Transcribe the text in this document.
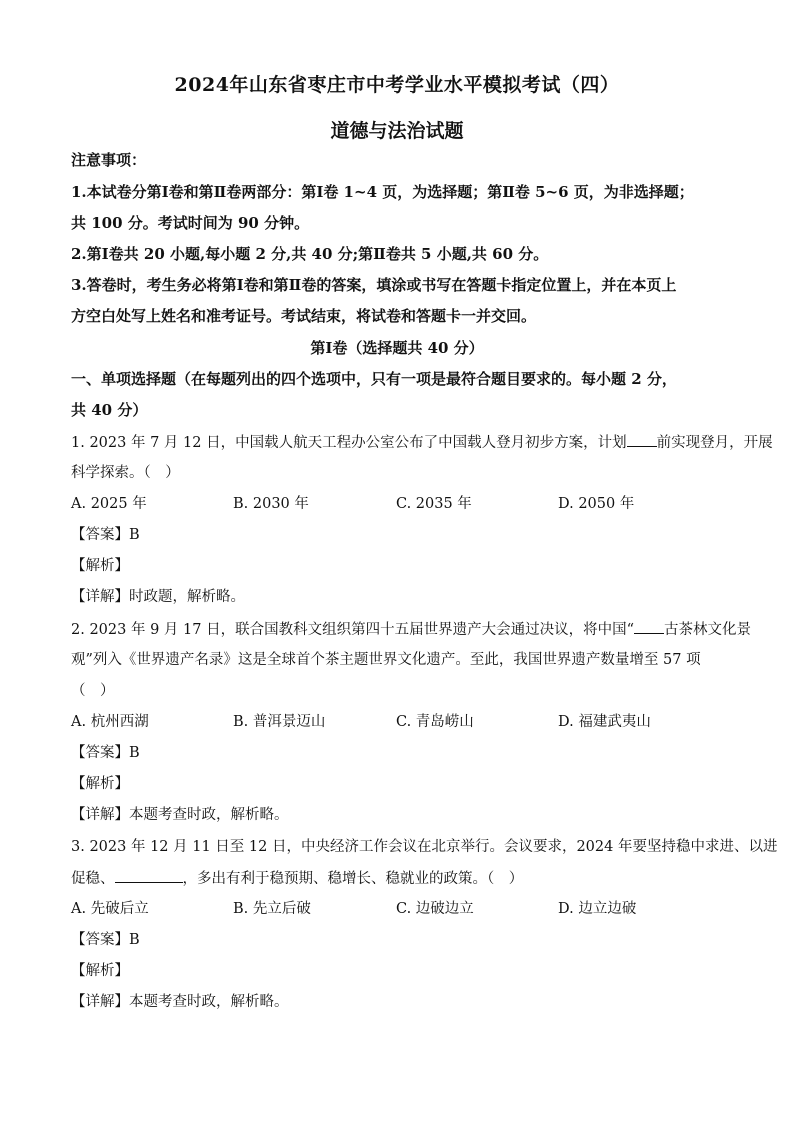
2024年山东省枣庄市中考学业水平模拟考试（四）
道德与法治试题
注意事项：
1.本试卷分第Ⅰ卷和第Ⅱ卷两部分：第Ⅰ卷 1~4 页，为选择题；第Ⅱ卷 5~6 页，为非选择题；
共 100 分。考试时间为 90 分钟。
2.第Ⅰ卷共 20 小题,每小题 2 分,共 40 分;第Ⅱ卷共 5 小题,共 60 分。
3.答卷时，考生务必将第Ⅰ卷和第Ⅱ卷的答案，填涂或书写在答题卡指定位置上，并在本页上
方空白处写上姓名和准考证号。考试结束，将试卷和答题卡一并交回。
第Ⅰ卷（选择题共 40 分）
一、单项选择题（在每题列出的四个选项中，只有一项是最符合题目要求的。每小题 2 分，
共 40 分）
1. 2023 年 7 月 12 日，中国载人航天工程办公室公布了中国载人登月初步方案，计划 前实现登月，开展
科学探索。（　）
A. 2025 年	B. 2030 年	C. 2035 年	D. 2050 年
【答案】B
【解析】
【详解】时政题，解析略。
2. 2023 年 9 月 17 日，联合国教科文组织第四十五届世界遗产大会通过决议，将中国“ 古茶林文化景
观”列入《世界遗产名录》这是全球首个茶主题世界文化遗产。至此，我国世界遗产数量增至 57 项
（　）
A. 杭州西湖	B. 普洱景迈山	C. 青岛崂山	D. 福建武夷山
【答案】B
【解析】
【详解】本题考查时政，解析略。
3. 2023 年 12 月 11 日至 12 日，中央经济工作会议在北京举行。会议要求，2024 年要坚持稳中求进、以进
促稳、	，多出有利于稳预期、稳增长、稳就业的政策。（　）
A. 先破后立	B. 先立后破	C. 边破边立	D. 边立边破
【答案】B
【解析】
【详解】本题考查时政，解析略。
